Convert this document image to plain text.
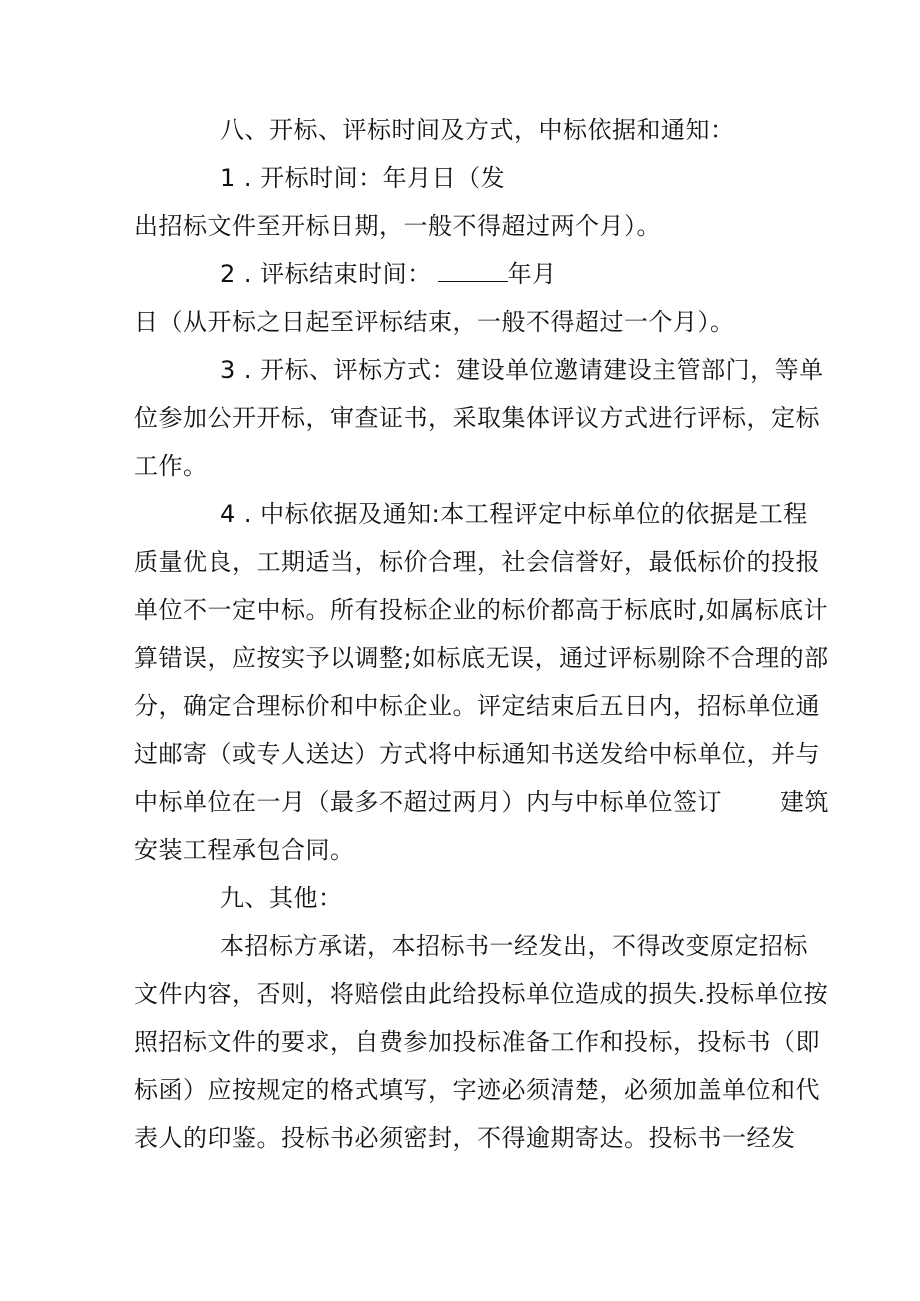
八、开标、评标时间及方式，中标依据和通知：
1 . 开标时间：年月日（发
出招标文件至开标日期，一般不得超过两个月）。
2 . 评标结束时间：	年月
日（从开标之日起至评标结束，一般不得超过一个月）。
3 . 开标、评标方式：建设单位邀请建设主管部门，等单
位参加公开开标，审查证书，采取集体评议方式进行评标，定标
工作。
4 . 中标依据及通知:本工程评定中标单位的依据是工程
质量优良，工期适当，标价合理，社会信誉好，最低标价的投报
单位不一定中标。所有投标企业的标价都高于标底时,如属标底计
算错误，应按实予以调整;如标底无误，通过评标剔除不合理的部
分，确定合理标价和中标企业。评定结束后五日内，招标单位通
过邮寄（或专人送达）方式将中标通知书送发给中标单位，并与
中标单位在一月（最多不超过两月）内与中标单位签订 建筑
安装工程承包合同。
九、其他：
本招标方承诺，本招标书一经发出，不得改变原定招标
文件内容，否则，将赔偿由此给投标单位造成的损失.投标单位按
照招标文件的要求，自费参加投标准备工作和投标，投标书（即
标函）应按规定的格式填写，字迹必须清楚，必须加盖单位和代
表人的印鉴。投标书必须密封，不得逾期寄达。投标书一经发
